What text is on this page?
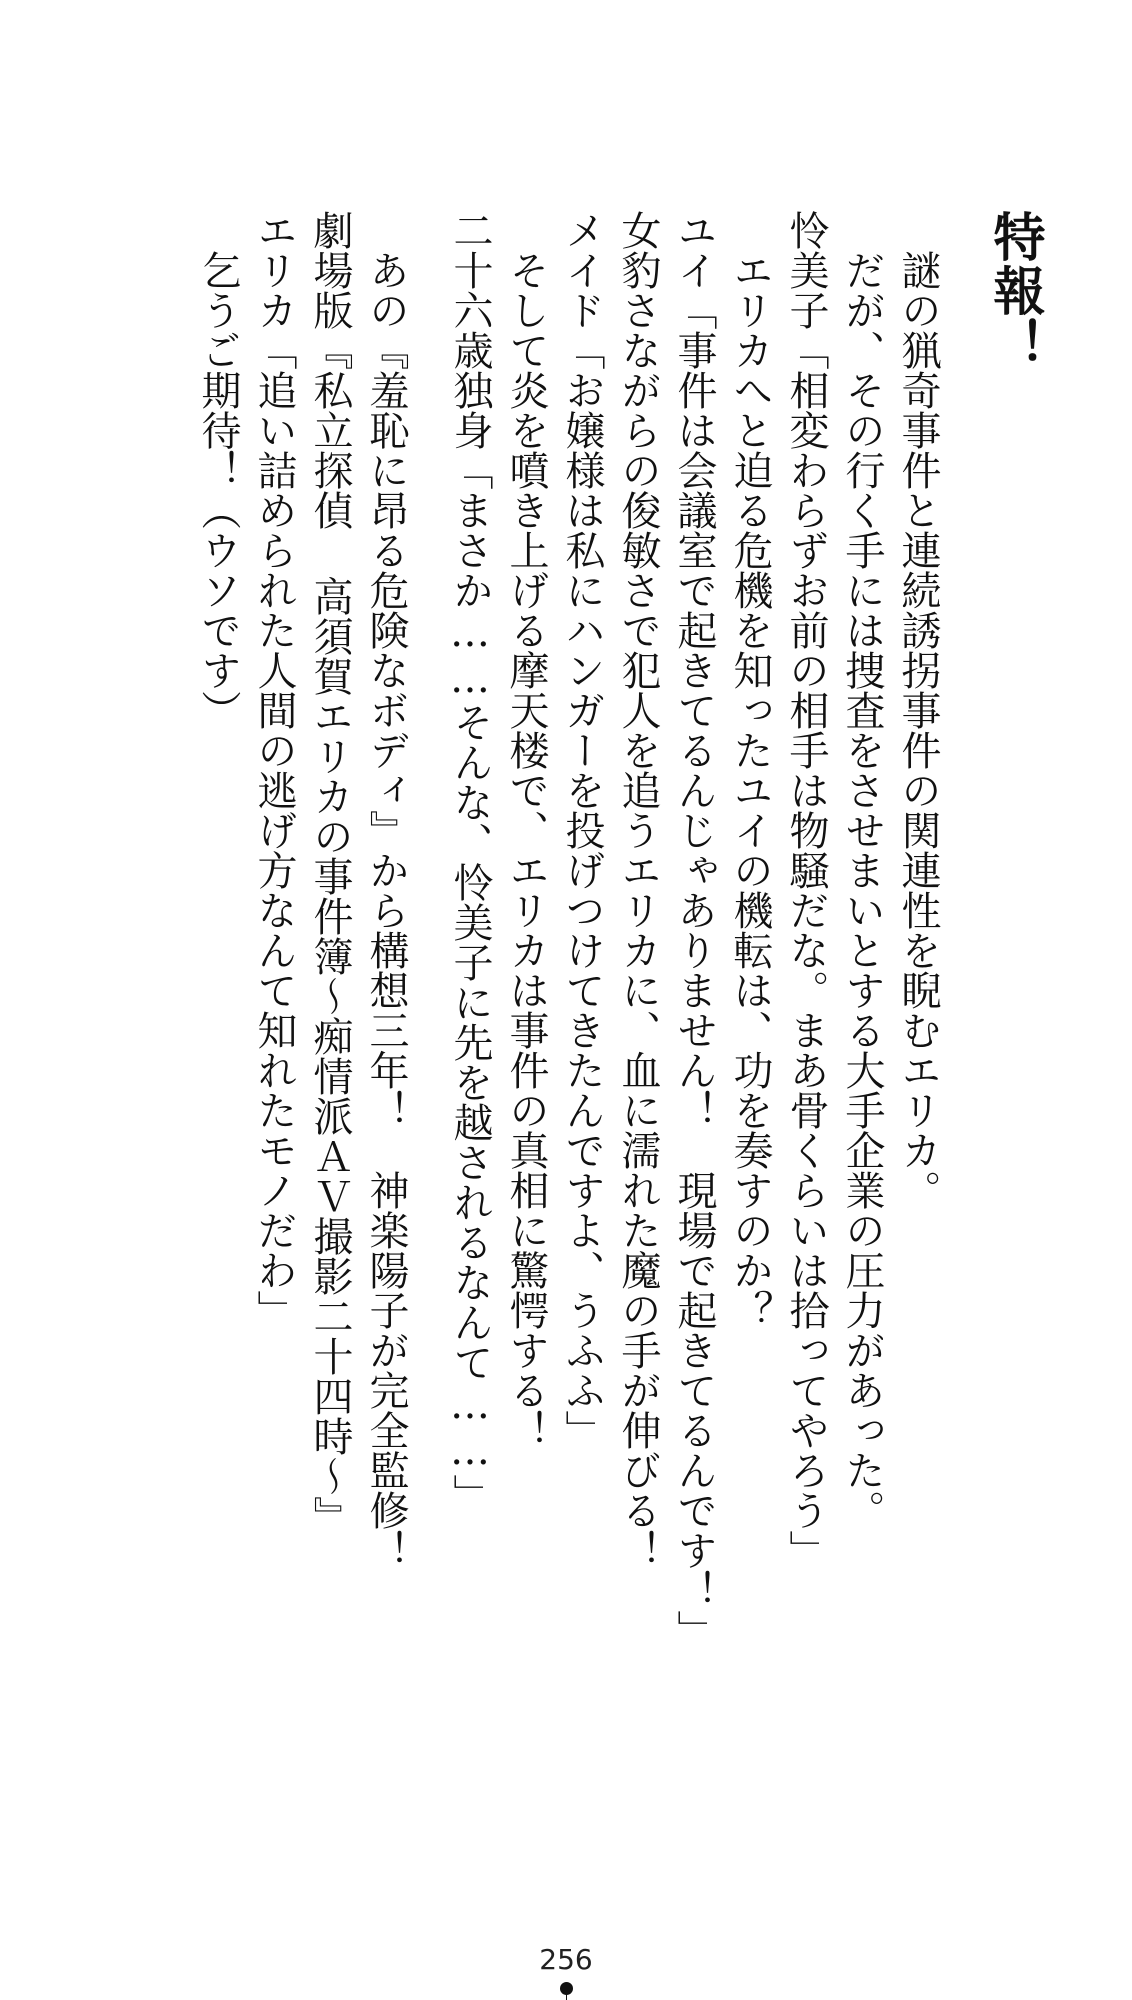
特報！
謎の猟奇事件と連続誘拐事件の関連性を睨むエリカ。
だが、その行く手には捜査をさせまいとする大手企業の圧力があった。
怜美子「相変わらずお前の相手は物騒だな。まあ骨くらいは拾ってやろう」
エリカへと迫る危機を知ったユイの機転は、功を奏すのか？
ユイ「事件は会議室で起きてるんじゃありません！　現場で起きてるんです！」
女豹さながらの俊敏さで犯人を追うエリカに、血に濡れた魔の手が伸びる！
メイド「お嬢様は私にハンガーを投げつけてきたんですよ、うふふ」
そして炎を噴き上げる摩天楼で、エリカは事件の真相に驚愕する！
二十六歳独身「まさか……そんな、怜美子に先を越されるなんて……」
あの『羞恥に昂る危険なボディ』から構想三年！　神楽陽子が完全監修！
劇場版『私立探偵 高須賀エリカの事件簿〜痴情派ＡＶ撮影二十四時〜』
エリカ「追い詰められた人間の逃げ方なんて知れたモノだわ」
乞うご期待！（ウソです）
256
